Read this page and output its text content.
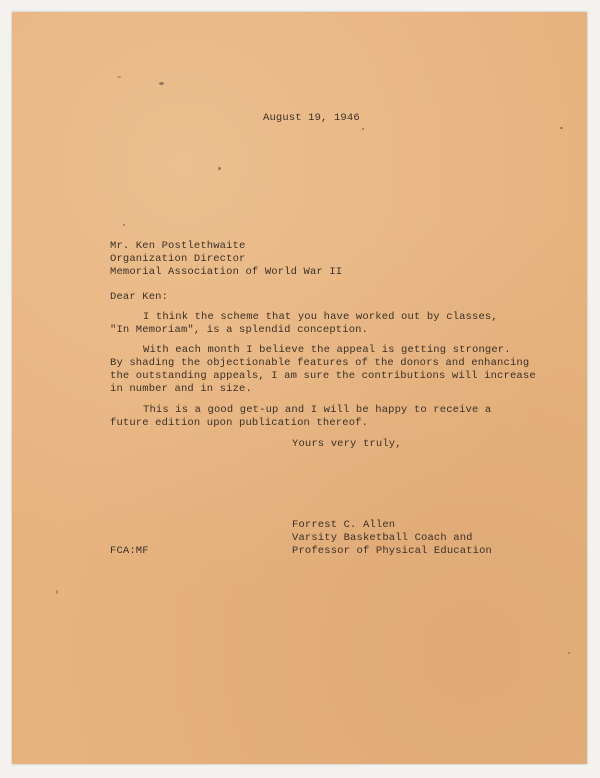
August 19, 1946
Mr. Ken Postlethwaite
Organization Director
Memorial Association of World War II
Dear Ken:
I think the scheme that you have worked out by classes,
"In Memoriam", is a splendid conception.
With each month I believe the appeal is getting stronger.
By shading the objectionable features of the donors and enhancing
the outstanding appeals, I am sure the contributions will increase
in number and in size.
This is a good get-up and I will be happy to receive a
future edition upon publication thereof.
Yours very truly,
Forrest C. Allen
Varsity Basketball Coach and
Professor of Physical Education
FCA:MF
